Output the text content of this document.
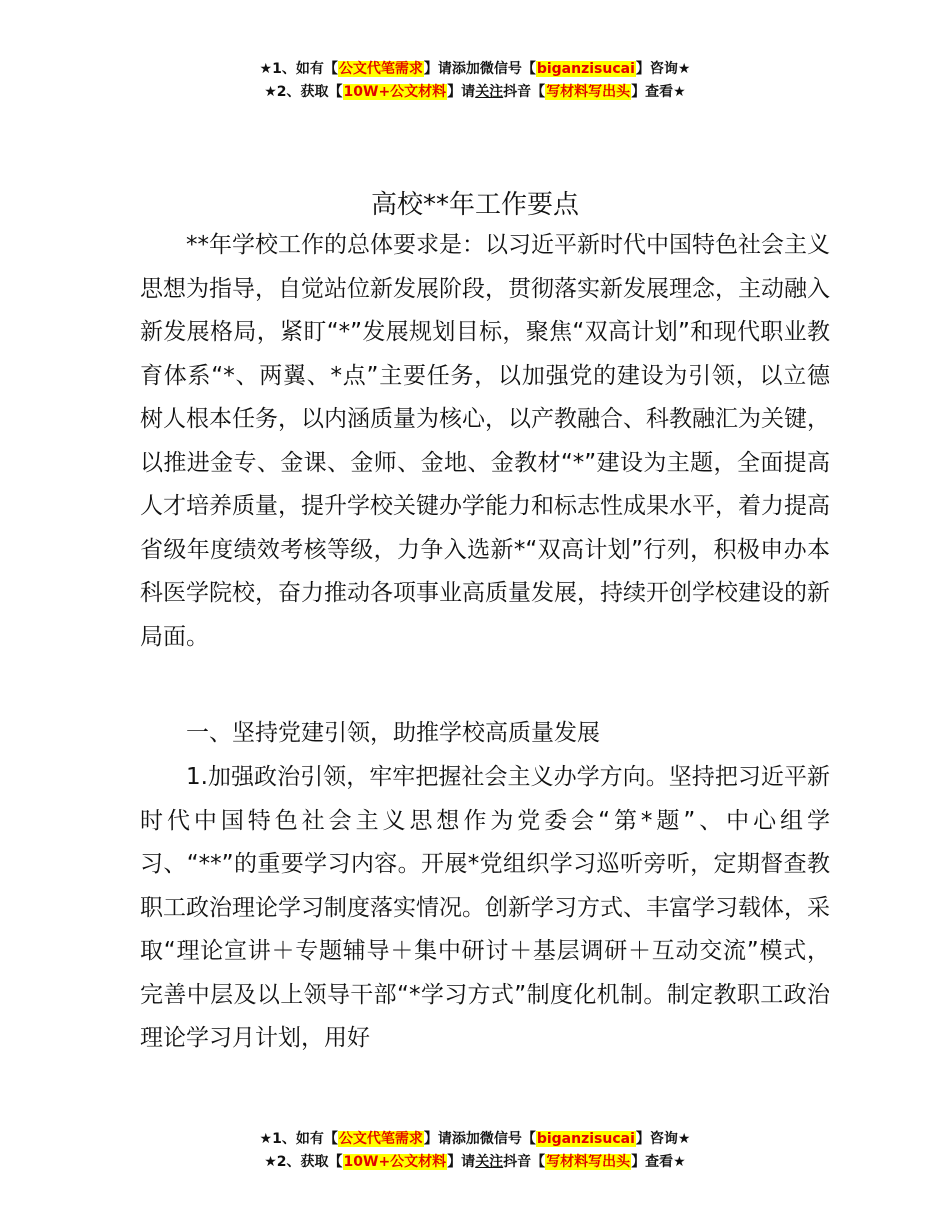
★1、如有【公文代笔需求】请添加微信号【biganzisucai】咨询★
★2、获取【10W+公文材料】请关注抖音【写材料写出头】查看★
高校**年工作要点

**年学校工作的总体要求是：以习近平新时代中国特色社会主义思想为指导，自觉站位新发展阶段，贯彻落实新发展理念，主动融入新发展格局，紧盯“*”发展规划目标，聚焦“双高计划”和现代职业教育体系“*、两翼、*点”主要任务，以加强党的建设为引领，以立德树人根本任务，以内涵质量为核心，以产教融合、科教融汇为关键，以推进金专、金课、金师、金地、金教材“*”建设为主题，全面提高人才培养质量，提升学校关键办学能力和标志性成果水平，着力提高省级年度绩效考核等级，力争入选新*“双高计划”行列，积极申办本科医学院校，奋力推动各项事业高质量发展，持续开创学校建设的新局面。

一、坚持党建引领，助推学校高质量发展

1.加强政治引领，牢牢把握社会主义办学方向。坚持把习近平新时代中国特色社会主义思想作为党委会“第*题”、中心组学习、“**”的重要学习内容。开展*党组织学习巡听旁听，定期督查教职工政治理论学习制度落实情况。创新学习方式、丰富学习载体，采取“理论宣讲＋专题辅导＋集中研讨＋基层调研＋互动交流”模式，完善中层及以上领导干部“*学习方式”制度化机制。制定教职工政治理论学习月计划，用好

★1、如有【公文代笔需求】请添加微信号【biganzisucai】咨询★
★2、获取【10W+公文材料】请关注抖音【写材料写出头】查看★
